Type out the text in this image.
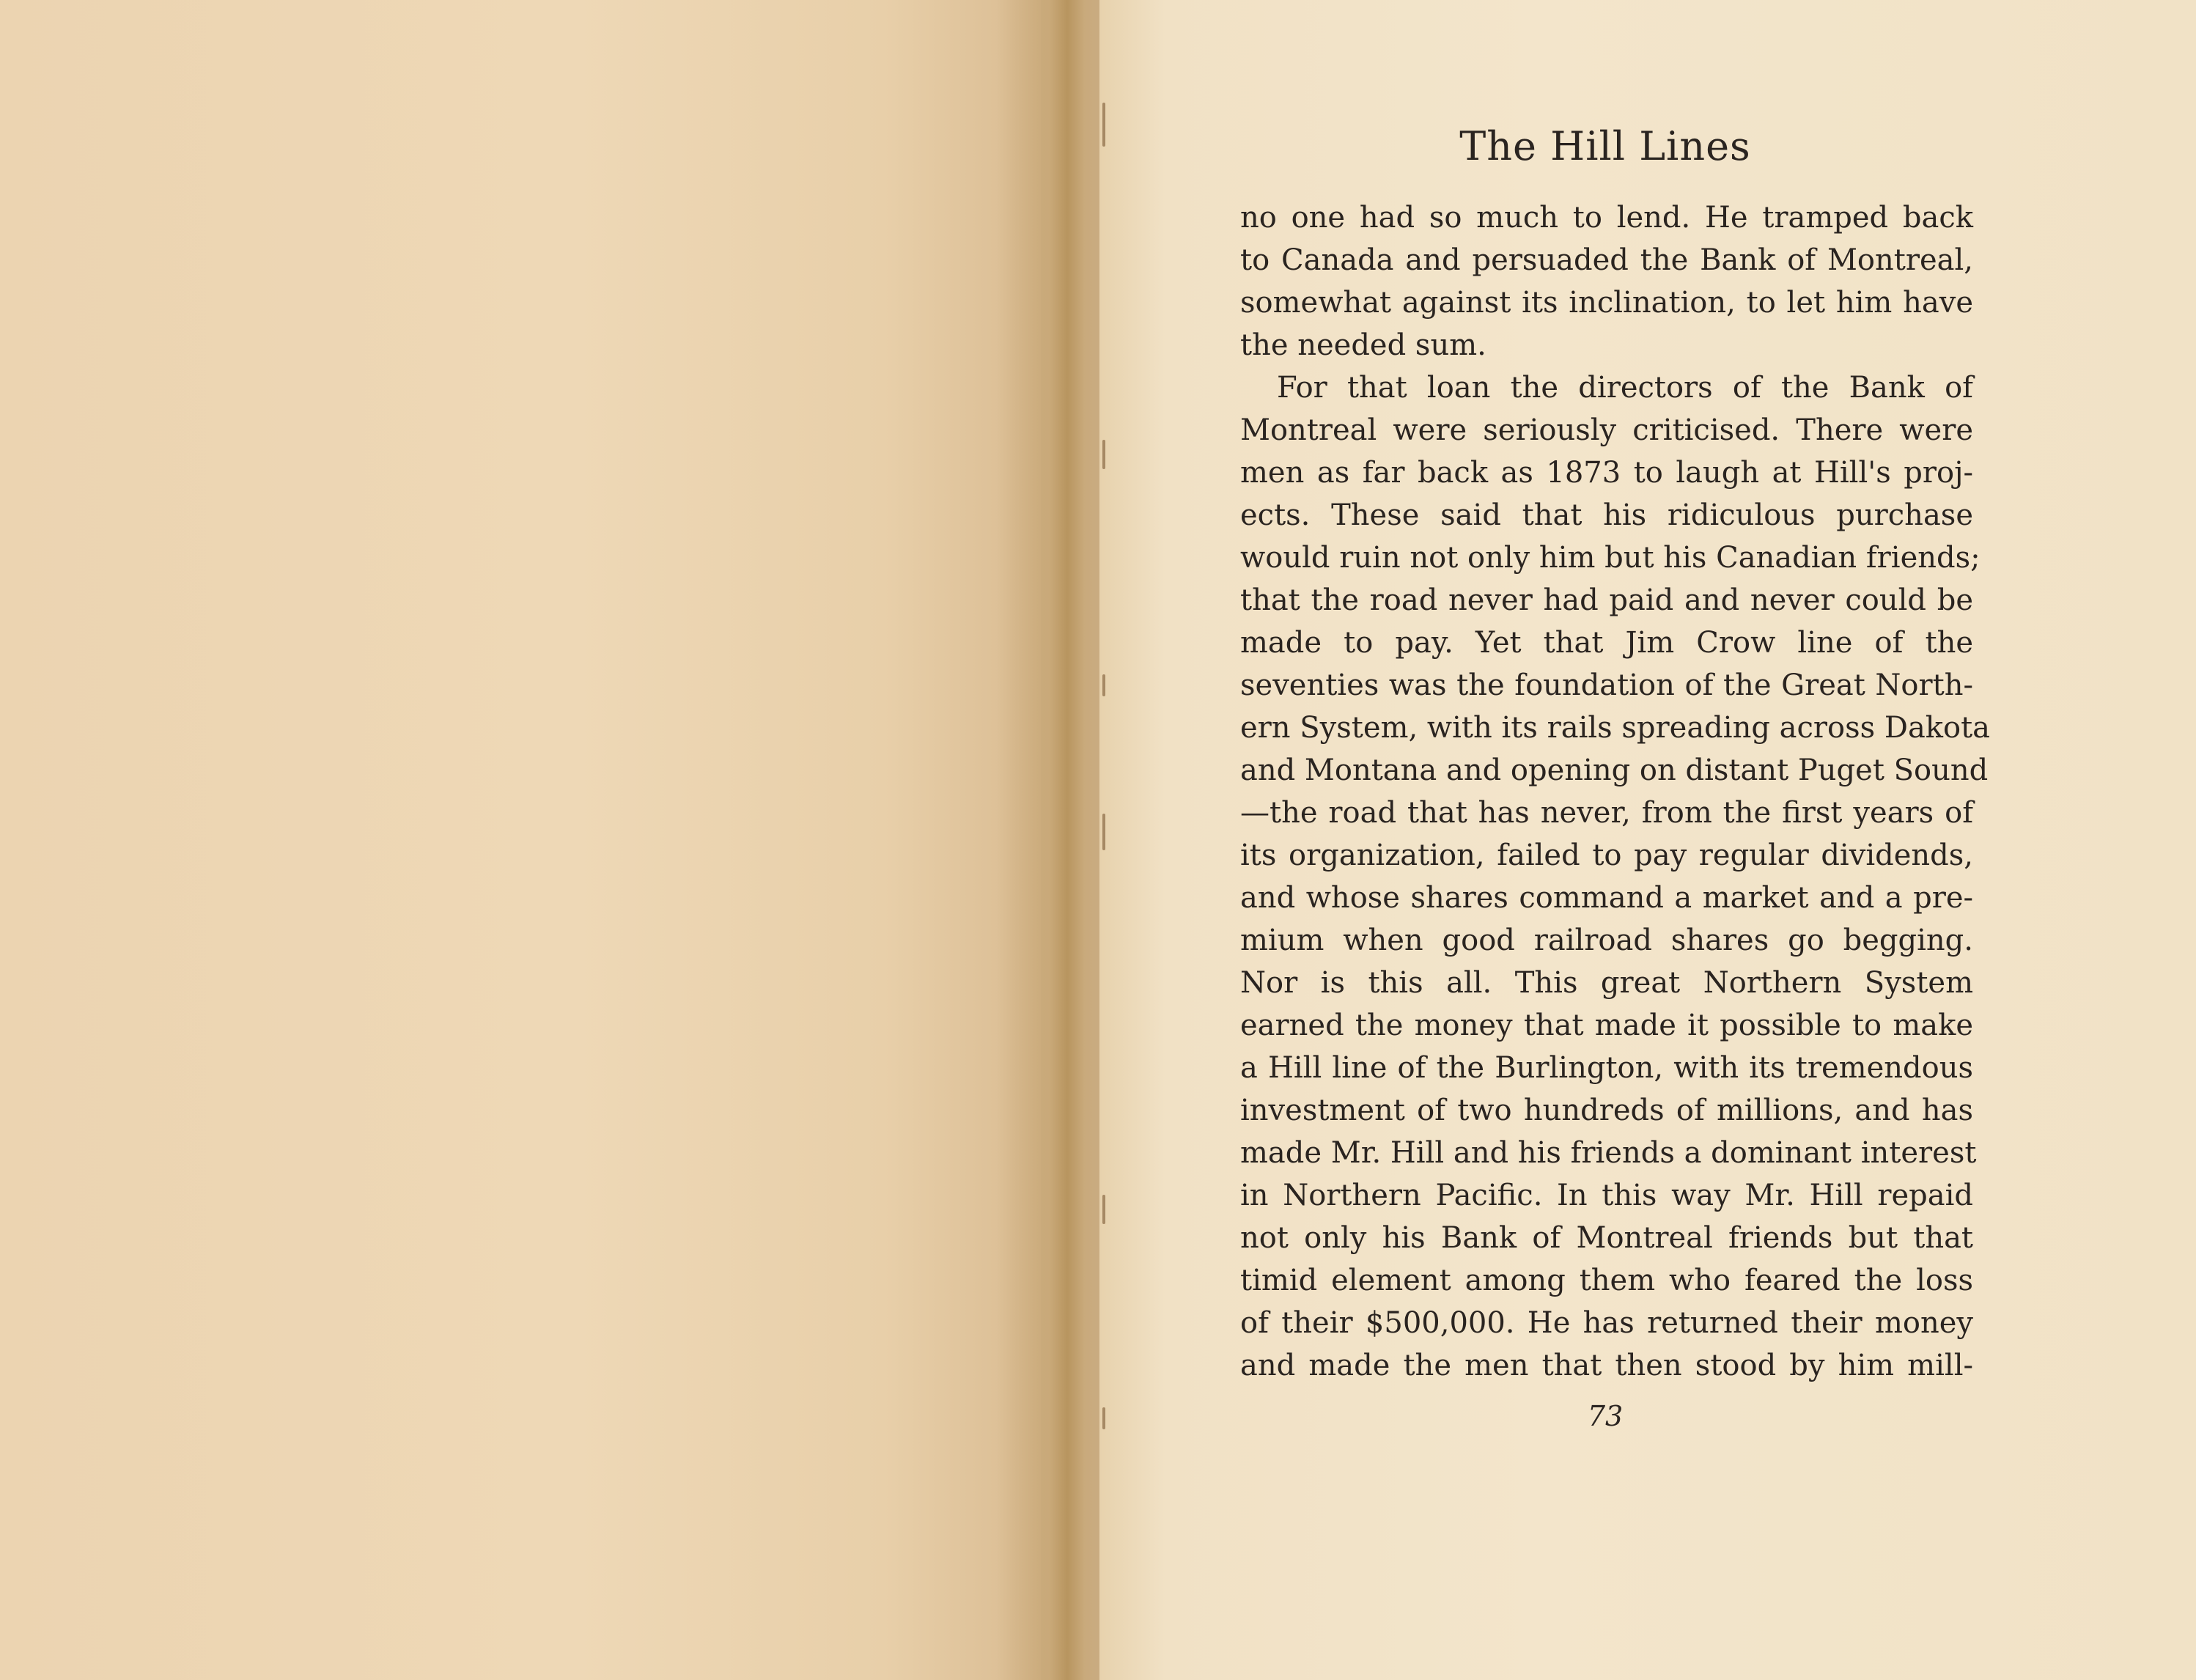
The Hill Lines
no one had so much to lend. He tramped back
to Canada and persuaded the Bank of Montreal,
somewhat against its inclination, to let him have
the needed sum.
For that loan the directors of the Bank of
Montreal were seriously criticised. There were
men as far back as 1873 to laugh at Hill's proj-
ects. These said that his ridiculous purchase
would ruin not only him but his Canadian friends;
that the road never had paid and never could be
made to pay. Yet that Jim Crow line of the
seventies was the foundation of the Great North-
ern System, with its rails spreading across Dakota
and Montana and opening on distant Puget Sound
—the road that has never, from the first years of
its organization, failed to pay regular dividends,
and whose shares command a market and a pre-
mium when good railroad shares go begging.
Nor is this all. This great Northern System
earned the money that made it possible to make
a Hill line of the Burlington, with its tremendous
investment of two hundreds of millions, and has
made Mr. Hill and his friends a dominant interest
in Northern Pacific. In this way Mr. Hill repaid
not only his Bank of Montreal friends but that
timid element among them who feared the loss
of their $500,000. He has returned their money
and made the men that then stood by him mill-
73
